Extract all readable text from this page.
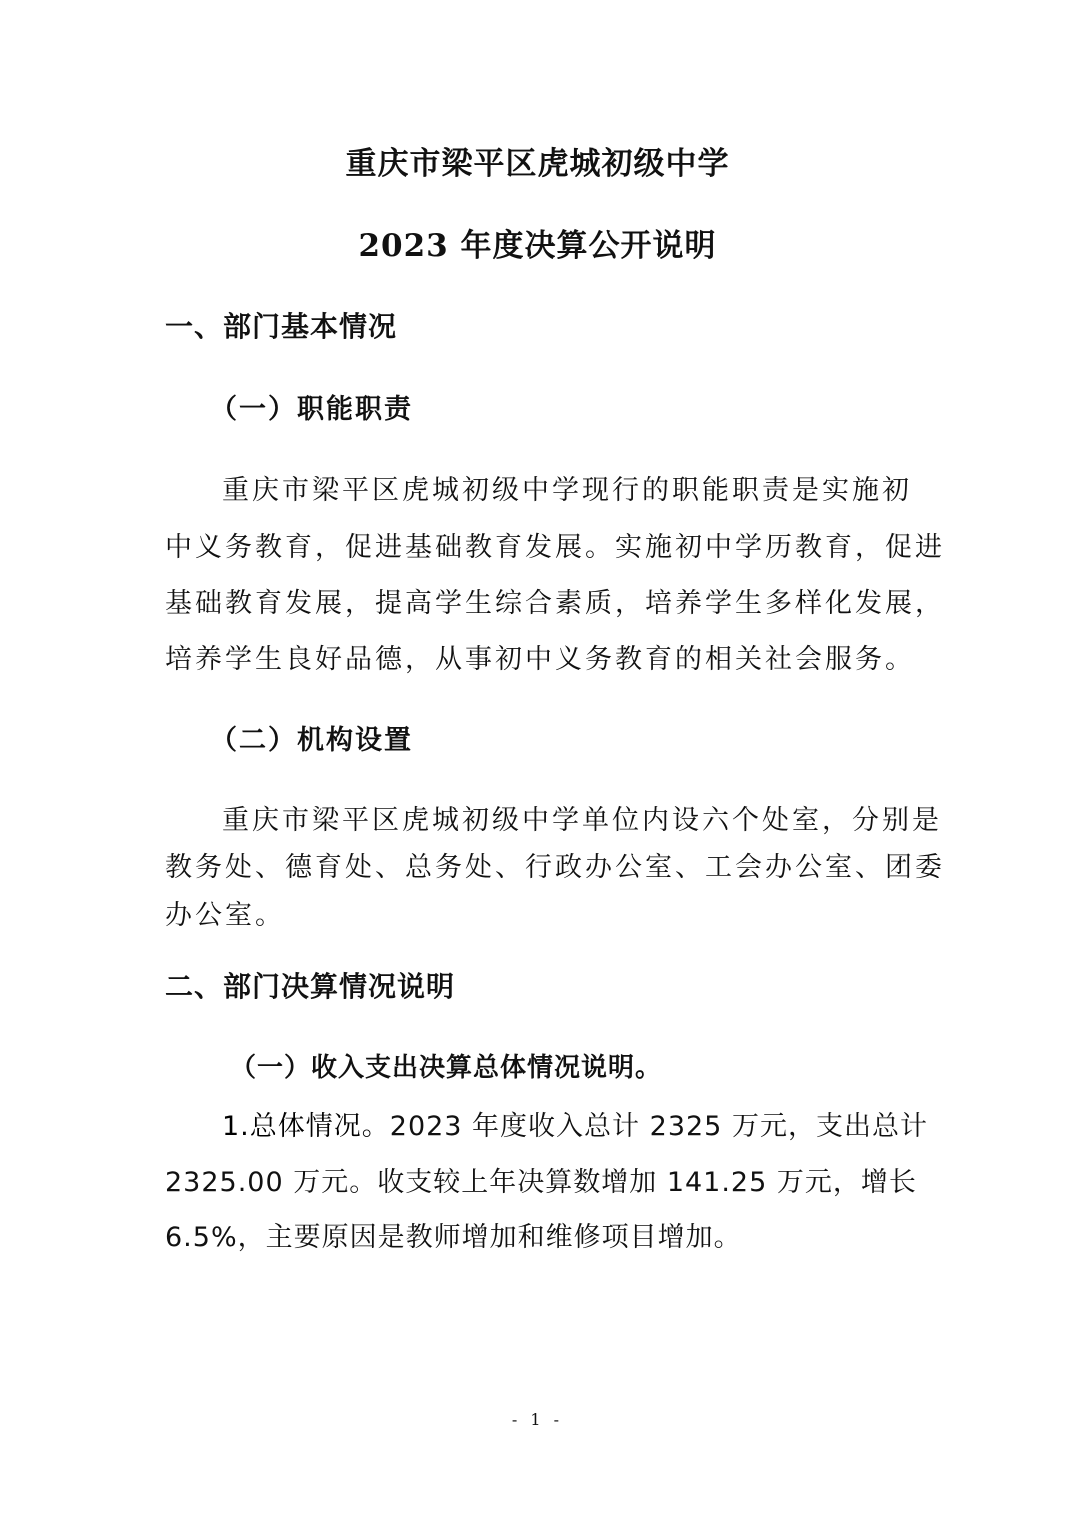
重庆市梁平区虎城初级中学
2023 年度决算公开说明
一、部门基本情况
（一）职能职责
重庆市梁平区虎城初级中学现行的职能职责是实施初
中义务教育，促进基础教育发展。实施初中学历教育，促进
基础教育发展，提高学生综合素质，培养学生多样化发展，
培养学生良好品德，从事初中义务教育的相关社会服务。
（二）机构设置
重庆市梁平区虎城初级中学单位内设六个处室，分别是
教务处、德育处、总务处、行政办公室、工会办公室、团委
办公室。
二、部门决算情况说明
（一）收入支出决算总体情况说明。
1.总体情况。2023 年度收入总计 2325 万元，支出总计
2325.00 万元。收支较上年决算数增加 141.25 万元，增长
6.5%，主要原因是教师增加和维修项目增加。
- 1 -
